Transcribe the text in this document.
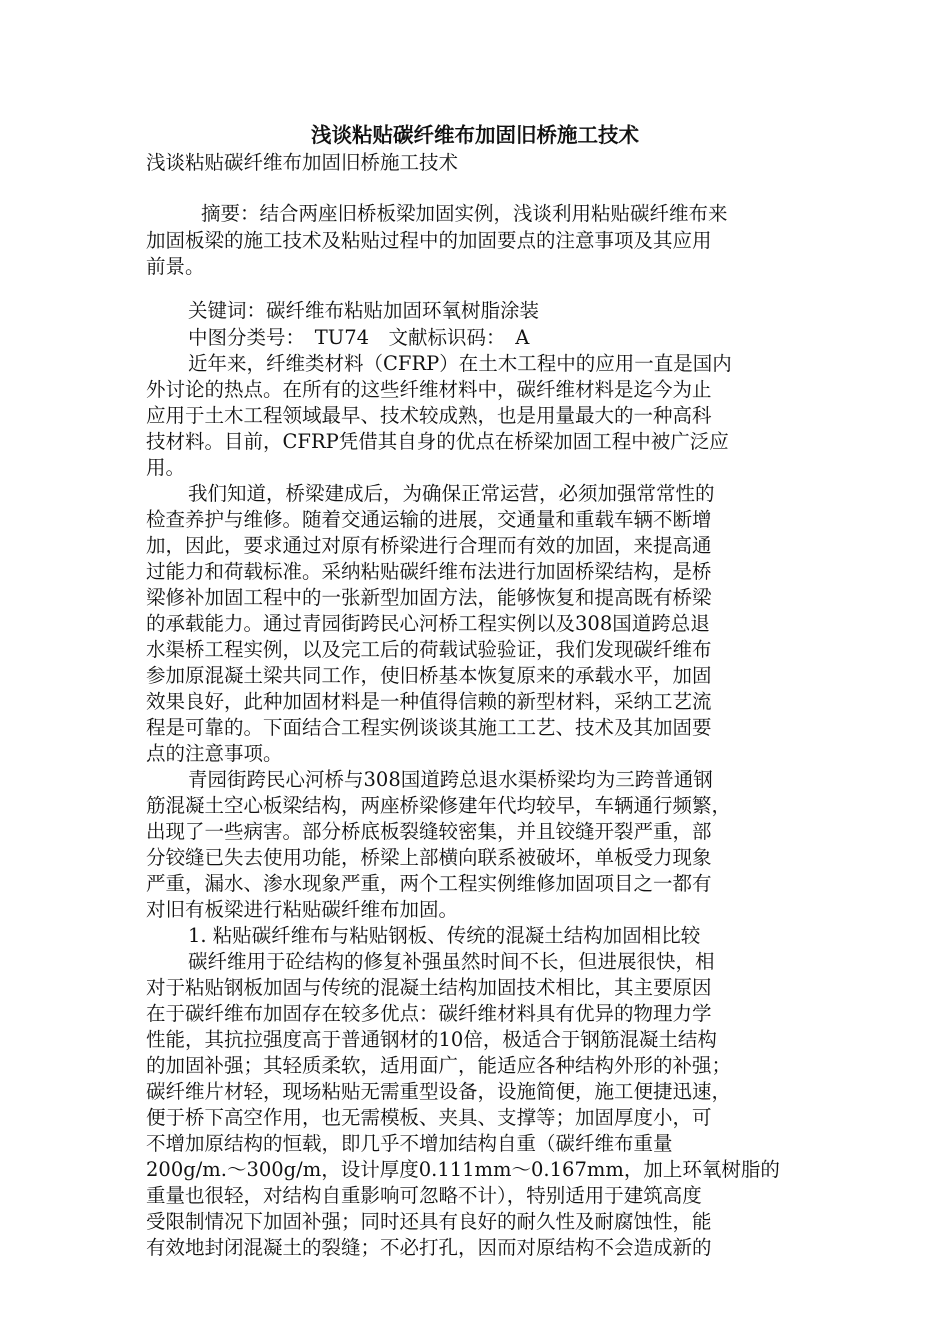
浅谈粘贴碳纤维布加固旧桥施工技术
浅谈粘贴碳纤维布加固旧桥施工技术
摘要：结合两座旧桥板梁加固实例，浅谈利用粘贴碳纤维布来
加固板梁的施工技术及粘贴过程中的加固要点的注意事项及其应用
前景。
关键词：碳纤维布粘贴加固环氧树脂涂装
中图分类号：　TU74　文献标识码：　A
近年来，纤维类材料（CFRP）在土木工程中的应用一直是国内
外讨论的热点。在所有的这些纤维材料中，碳纤维材料是迄今为止
应用于土木工程领域最早、技术较成熟，也是用量最大的一种高科
技材料。目前，CFRP凭借其自身的优点在桥梁加固工程中被广泛应
用。
我们知道，桥梁建成后，为确保正常运营，必须加强常常性的
检查养护与维修。随着交通运输的进展，交通量和重载车辆不断增
加，因此，要求通过对原有桥梁进行合理而有效的加固，来提高通
过能力和荷载标准。采纳粘贴碳纤维布法进行加固桥梁结构，是桥
梁修补加固工程中的一张新型加固方法，能够恢复和提高既有桥梁
的承载能力。通过青园街跨民心河桥工程实例以及308国道跨总退
水渠桥工程实例，以及完工后的荷载试验验证，我们发现碳纤维布
参加原混凝土梁共同工作，使旧桥基本恢复原来的承载水平，加固
效果良好，此种加固材料是一种值得信赖的新型材料，采纳工艺流
程是可靠的。下面结合工程实例谈谈其施工工艺、技术及其加固要
点的注意事项。
青园街跨民心河桥与308国道跨总退水渠桥梁均为三跨普通钢
筋混凝土空心板梁结构，两座桥梁修建年代均较早，车辆通行频繁，
出现了一些病害。部分桥底板裂缝较密集，并且铰缝开裂严重，部
分铰缝已失去使用功能，桥梁上部横向联系被破坏，单板受力现象
严重，漏水、渗水现象严重，两个工程实例维修加固项目之一都有
对旧有板梁进行粘贴碳纤维布加固。
1. 粘贴碳纤维布与粘贴钢板、传统的混凝土结构加固相比较
碳纤维用于砼结构的修复补强虽然时间不长，但进展很快，相
对于粘贴钢板加固与传统的混凝土结构加固技术相比，其主要原因
在于碳纤维布加固存在较多优点：碳纤维材料具有优异的物理力学
性能，其抗拉强度高于普通钢材的10倍，极适合于钢筋混凝土结构
的加固补强；其轻质柔软，适用面广，能适应各种结构外形的补强；
碳纤维片材轻，现场粘贴无需重型设备，设施简便，施工便捷迅速，
便于桥下高空作用，也无需模板、夹具、支撑等；加固厚度小，可
不增加原结构的恒载，即几乎不增加结构自重（碳纤维布重量
200g/m.～300g/m，设计厚度0.111mm～0.167mm，加上环氧树脂的
重量也很轻，对结构自重影响可忽略不计），特别适用于建筑高度
受限制情况下加固补强；同时还具有良好的耐久性及耐腐蚀性，能
有效地封闭混凝土的裂缝；不必打孔，因而对原结构不会造成新的
